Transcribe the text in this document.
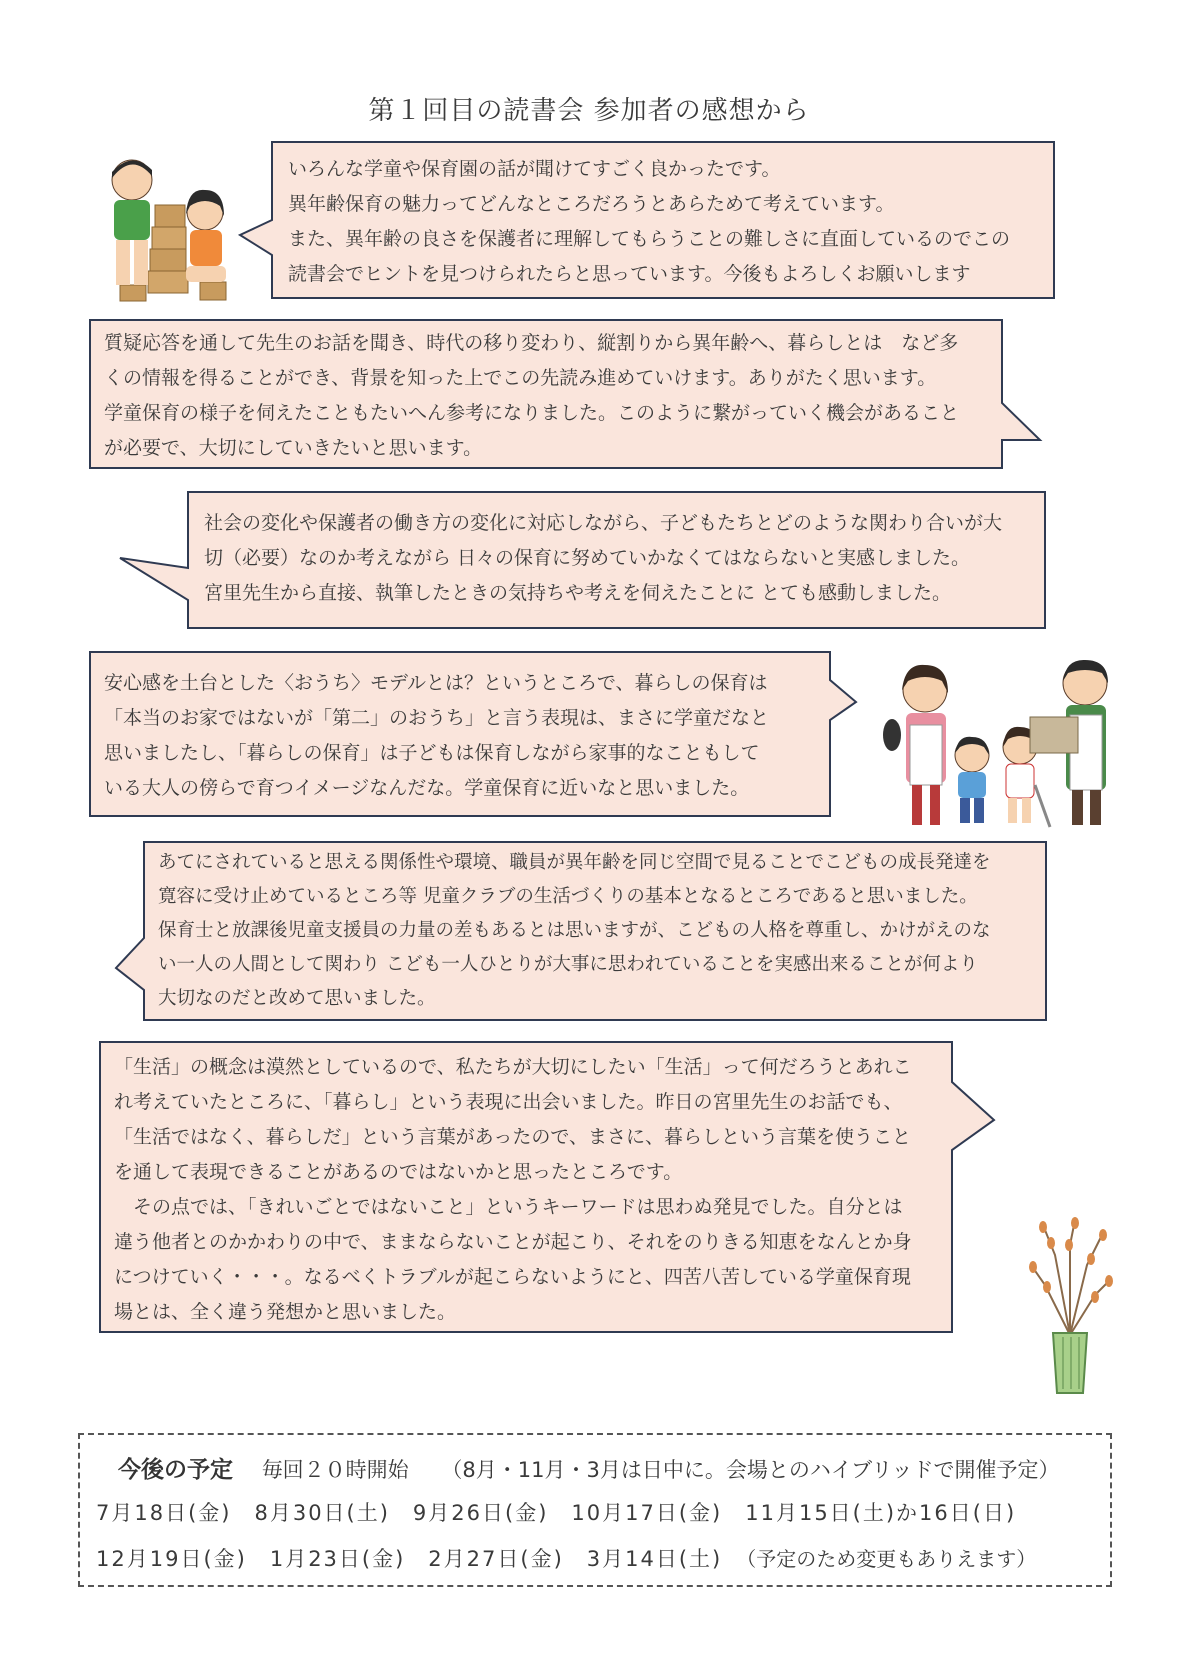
第１回目の読書会 参加者の感想から
いろんな学童や保育園の話が聞けてすごく良かったです。
異年齢保育の魅力ってどんなところだろうとあらためて考えています。
また、異年齢の良さを保護者に理解してもらうことの難しさに直面しているのでこの
読書会でヒントを見つけられたらと思っています。今後もよろしくお願いします
質疑応答を通して先生のお話を聞き、時代の移り変わり、縦割りから異年齢へ、暮らしとは　など多
くの情報を得ることができ、背景を知った上でこの先読み進めていけます。ありがたく思います。
学童保育の様子を伺えたこともたいへん参考になりました。このように繋がっていく機会があること
が必要で、大切にしていきたいと思います。
社会の変化や保護者の働き方の変化に対応しながら、子どもたちとどのような関わり合いが大
切（必要）なのか考えながら 日々の保育に努めていかなくてはならないと実感しました。
宮里先生から直接、執筆したときの気持ちや考えを伺えたことに とても感動しました。
安心感を土台とした〈おうち〉モデルとは？というところで、暮らしの保育は
「本当のお家ではないが「第二」のおうち」と言う表現は、まさに学童だなと
思いましたし、「暮らしの保育」は子どもは保育しながら家事的なこともして
いる大人の傍らで育つイメージなんだな。学童保育に近いなと思いました。
あてにされていると思える関係性や環境、職員が異年齢を同じ空間で見ることでこどもの成長発達を
寛容に受け止めているところ等 児童クラブの生活づくりの基本となるところであると思いました。
保育士と放課後児童支援員の力量の差もあるとは思いますが、こどもの人格を尊重し、かけがえのな
い一人の人間として関わり こども一人ひとりが大事に思われていることを実感出来ることが何より
大切なのだと改めて思いました。
「生活」の概念は漠然としているので、私たちが大切にしたい「生活」って何だろうとあれこ
れ考えていたところに、「暮らし」という表現に出会いました。昨日の宮里先生のお話でも、
「生活ではなく、暮らしだ」という言葉があったので、まさに、暮らしという言葉を使うこと
を通して表現できることがあるのではないかと思ったところです。
　その点では、「きれいごとではないこと」というキーワードは思わぬ発見でした。自分とは
違う他者とのかかわりの中で、ままならないことが起こり、それをのりきる知恵をなんとか身
につけていく・・・。なるべくトラブルが起こらないようにと、四苦八苦している学童保育現
場とは、全く違う発想かと思いました。
今後の予定 毎回２０時開始 （8月・11月・3月は日中に。会場とのハイブリッドで開催予定）
7月18日(金)　8月30日(土)　9月26日(金)　10月17日(金)　11月15日(土)か16日(日)
12月19日(金)　1月23日(金)　2月27日(金)　3月14日(土) （予定のため変更もありえます）
